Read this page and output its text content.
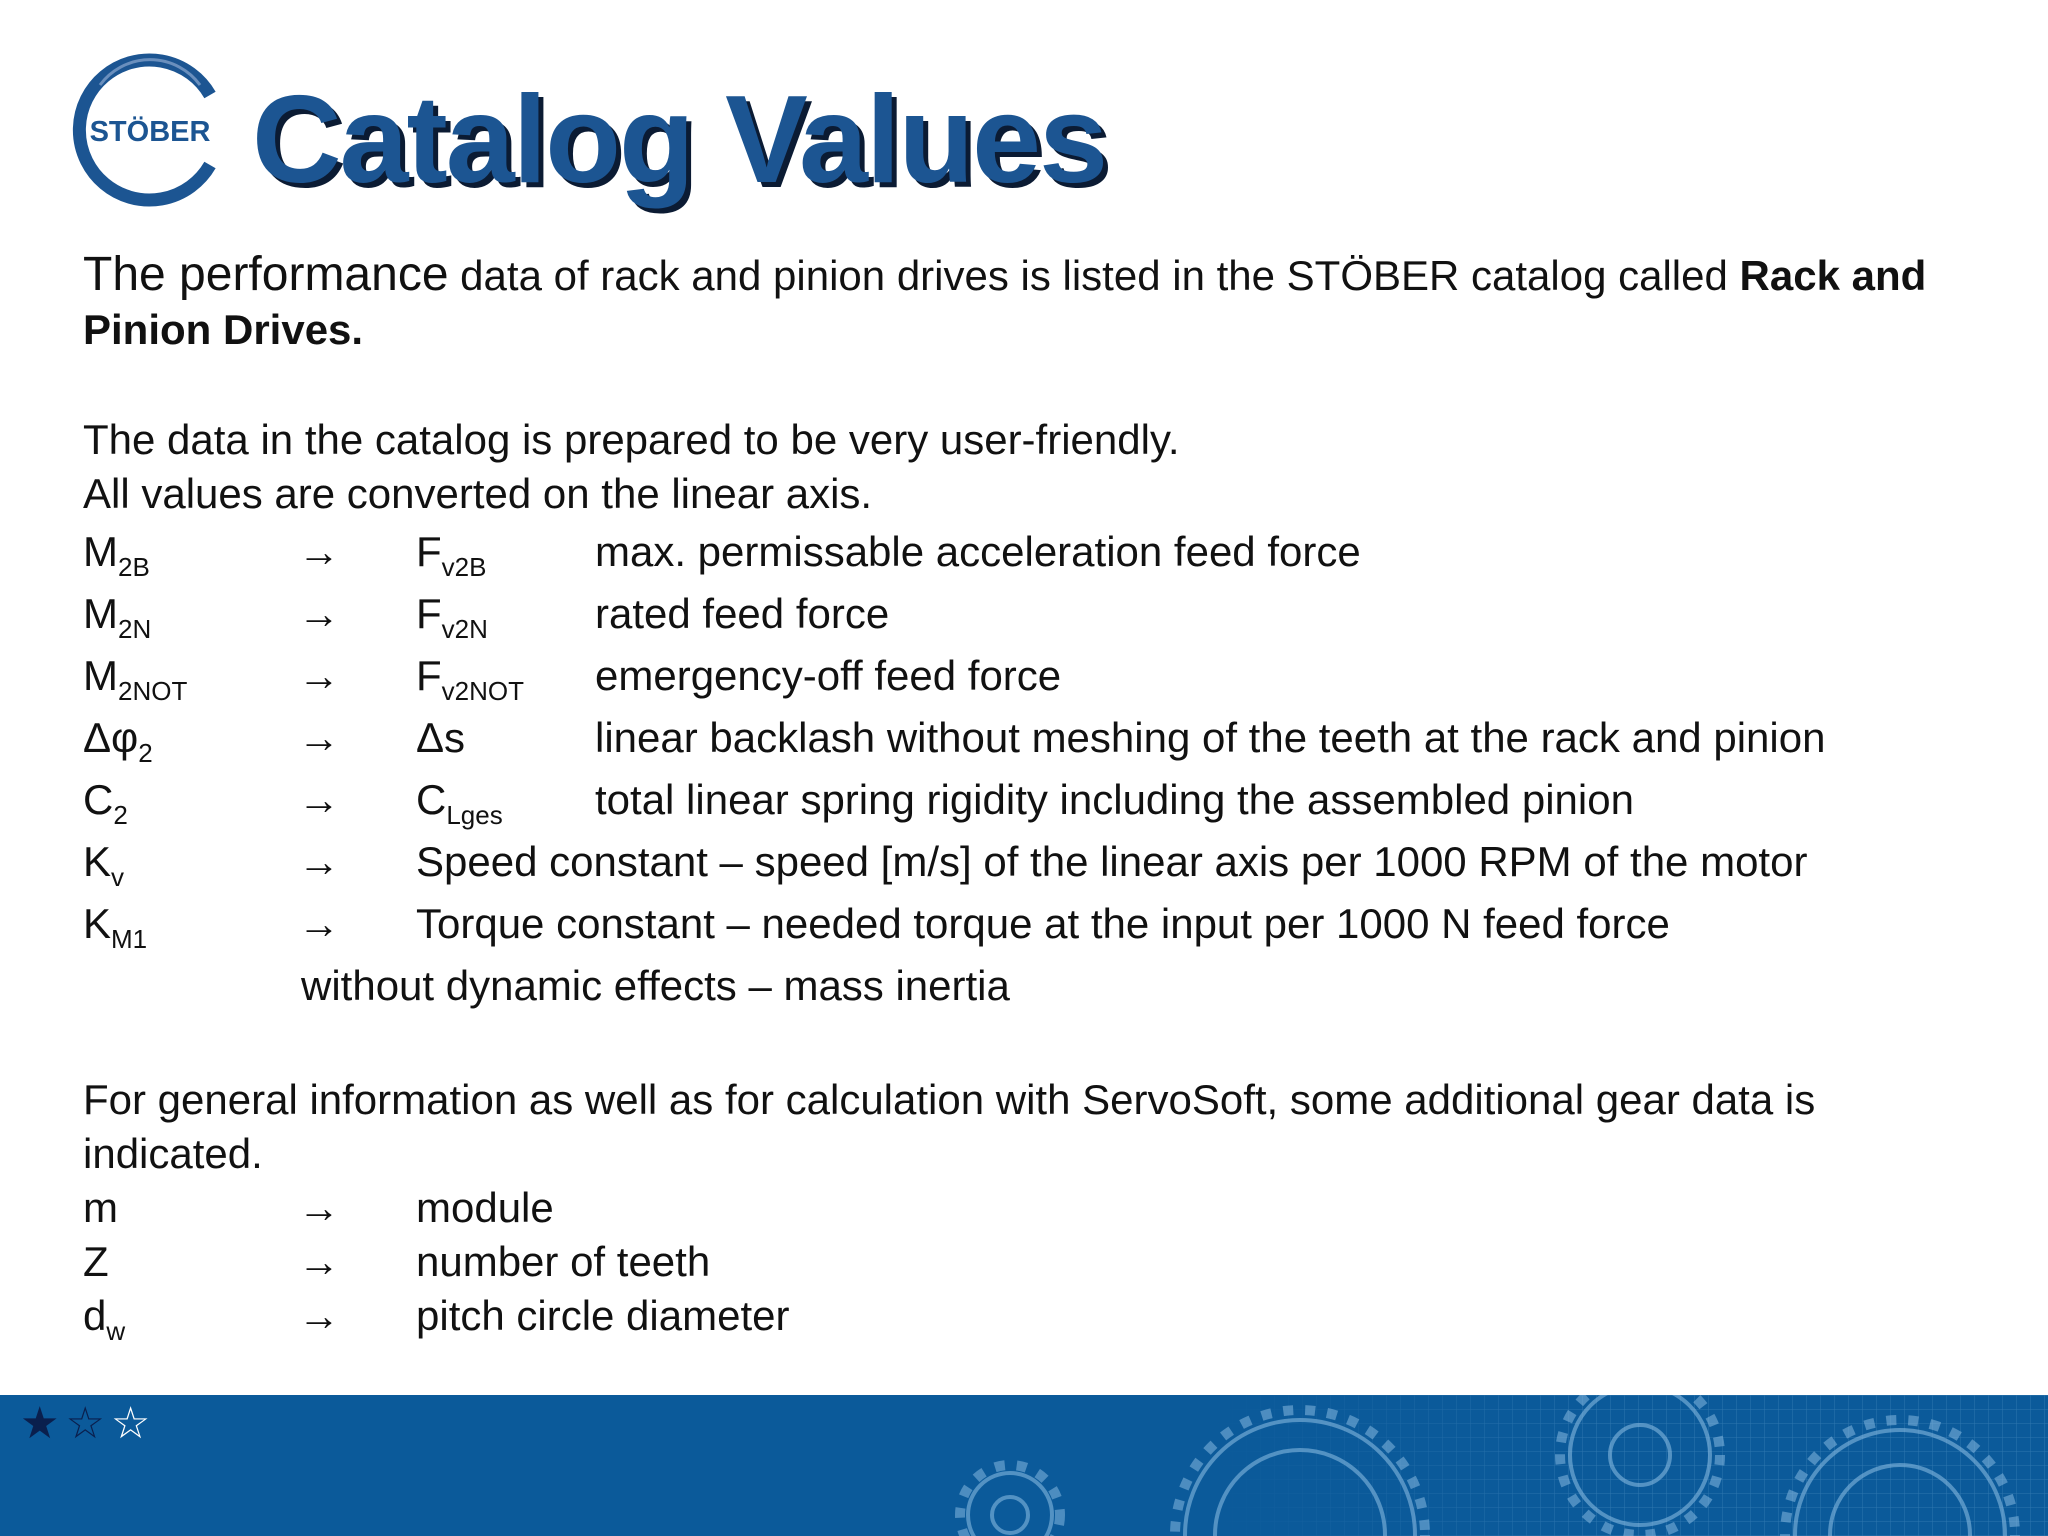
STÖBER Catalog Values

The performance data of rack and pinion drives is listed in the STÖBER catalog called Rack and Pinion Drives.

The data in the catalog is prepared to be very user-friendly.

All values are converted on the linear axis.

$M_{2B}$	→ $F_{v2B}$	max. permissable acceleration feed force
$M_{2N}$	→ $F_{v2N}$	rated feed force
$M_{2NOT}$	→ $F_{v2NOT}$ emergency-off feed force
$\Delta\varphi_2$	→ Δs	linear backlash without meshing of the teeth at the rack and pinion
$C_2$	→ $C_{Lges}$ total linear spring rigidity including the assembled pinion
$K_v$	→ Speed constant – speed [m/s] of the linear axis per 1000 RPM of the motor
$K_{M1}$	→ Torque constant – needed torque at the input per 1000 N feed force
without dynamic effects – mass inertia

For general information as well as for calculation with ServoSoft, some additional gear data is

indicated.

m	→ module
Z	→ number of teeth
$d_w$	→ pitch circle diameter
★☆☆
